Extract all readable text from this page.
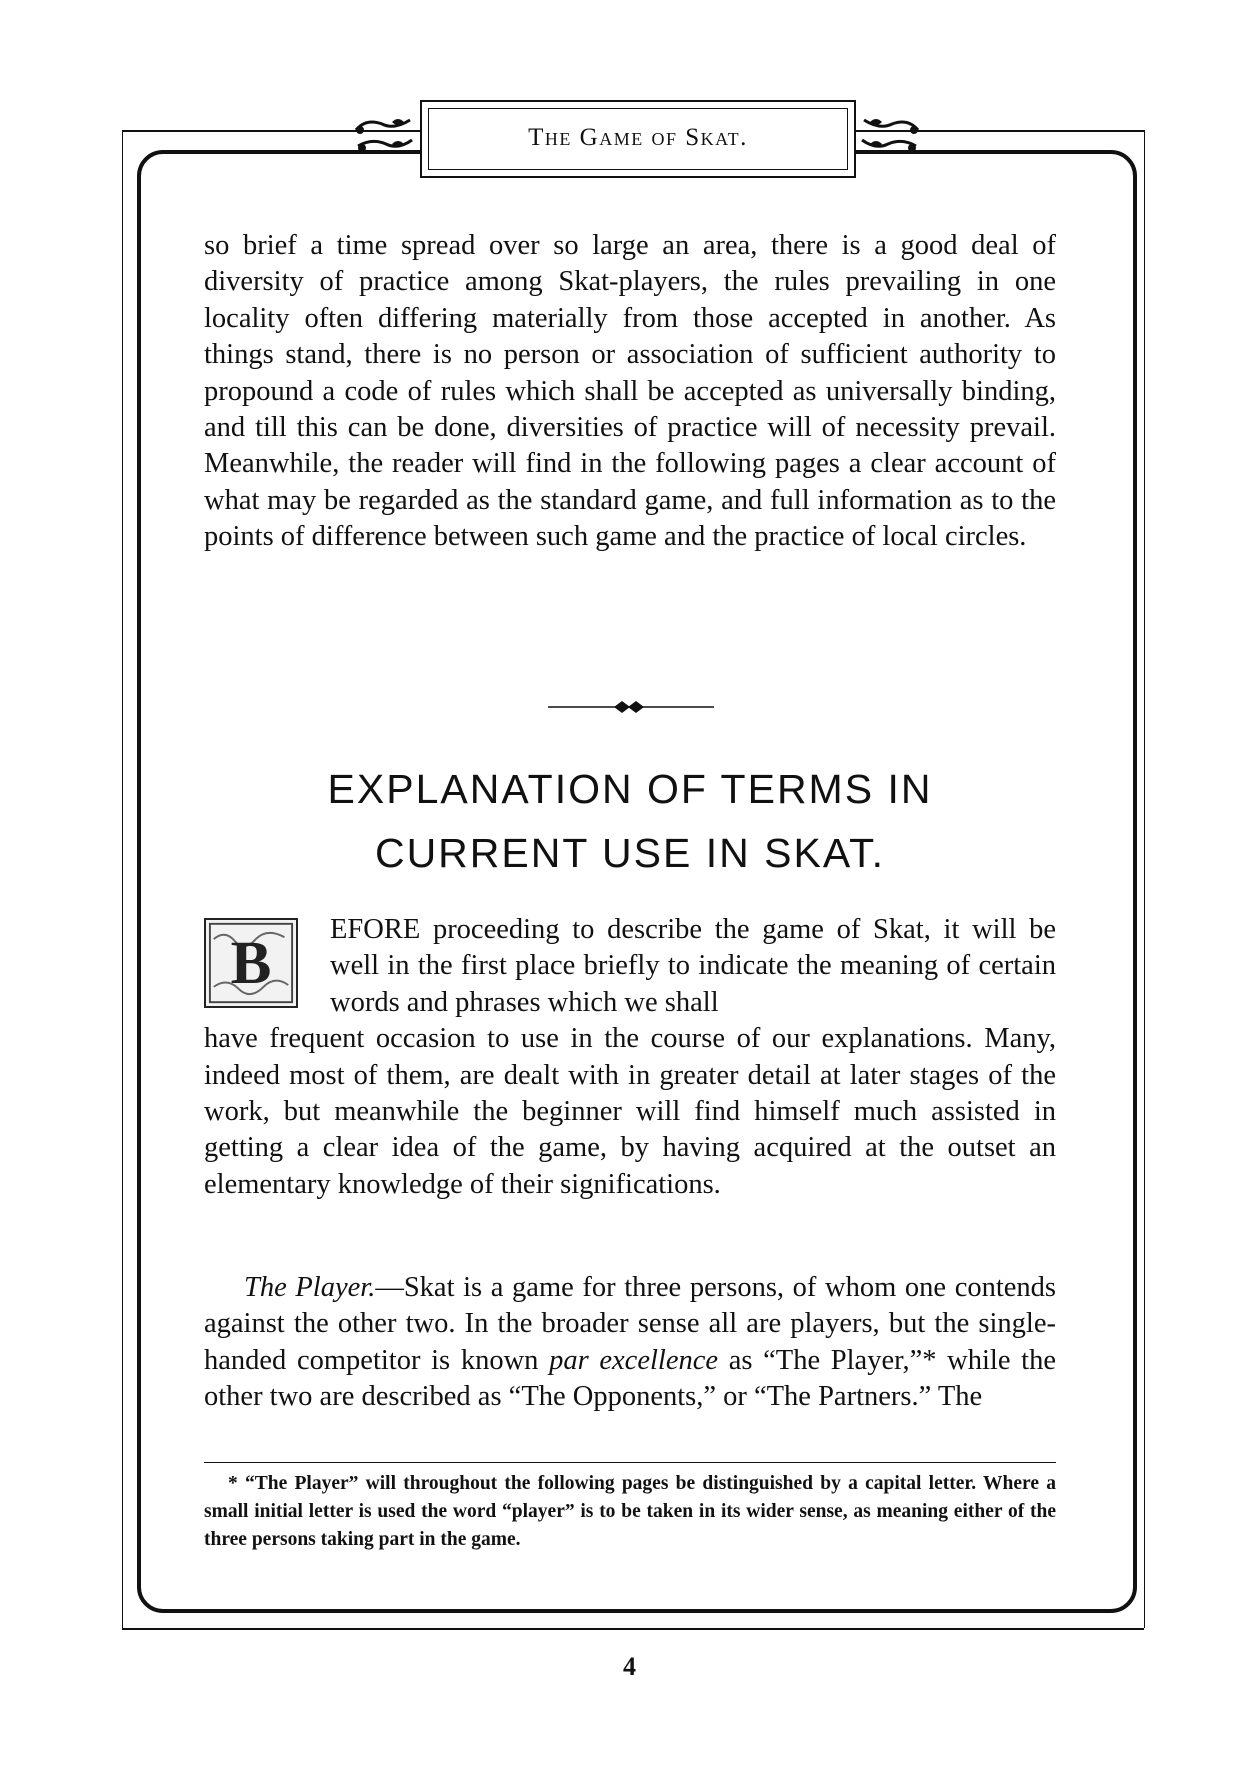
The Game of Skat.

so brief a time spread over so large an area, there is a good deal of diversity of practice among Skat-players, the rules prevailing in one locality often differing materially from those accepted in another. As things stand, there is no person or association of sufficient authority to propound a code of rules which shall be accepted as universally binding, and till this can be done, diversities of practice will of necessity prevail. Meanwhile, the reader will find in the following pages a clear account of what may be regarded as the standard game, and full information as to the points of difference between such game and the practice of local circles.

EXPLANATION OF TERMS IN
CURRENT USE IN SKAT.
B
EFORE proceeding to describe the game of Skat, it will be well in the first place briefly to indicate the meaning of certain words and phrases which we shall

have frequent occasion to use in the course of our explanations. Many, indeed most of them, are dealt with in greater detail at later stages of the work, but meanwhile the beginner will find himself much assisted in getting a clear idea of the game, by having acquired at the outset an elementary knowledge of their significations.

The Player.—Skat is a game for three persons, of whom one contends against the other two. In the broader sense all are players, but the single-handed competitor is known par excellence as “The Player,”* while the other two are described as “The Opponents,” or “The Partners.” The

* “The Player” will throughout the following pages be distinguished by a capital letter. Where a small initial letter is used the word “player” is to be taken in its wider sense, as meaning either of the three persons taking part in the game.
4
